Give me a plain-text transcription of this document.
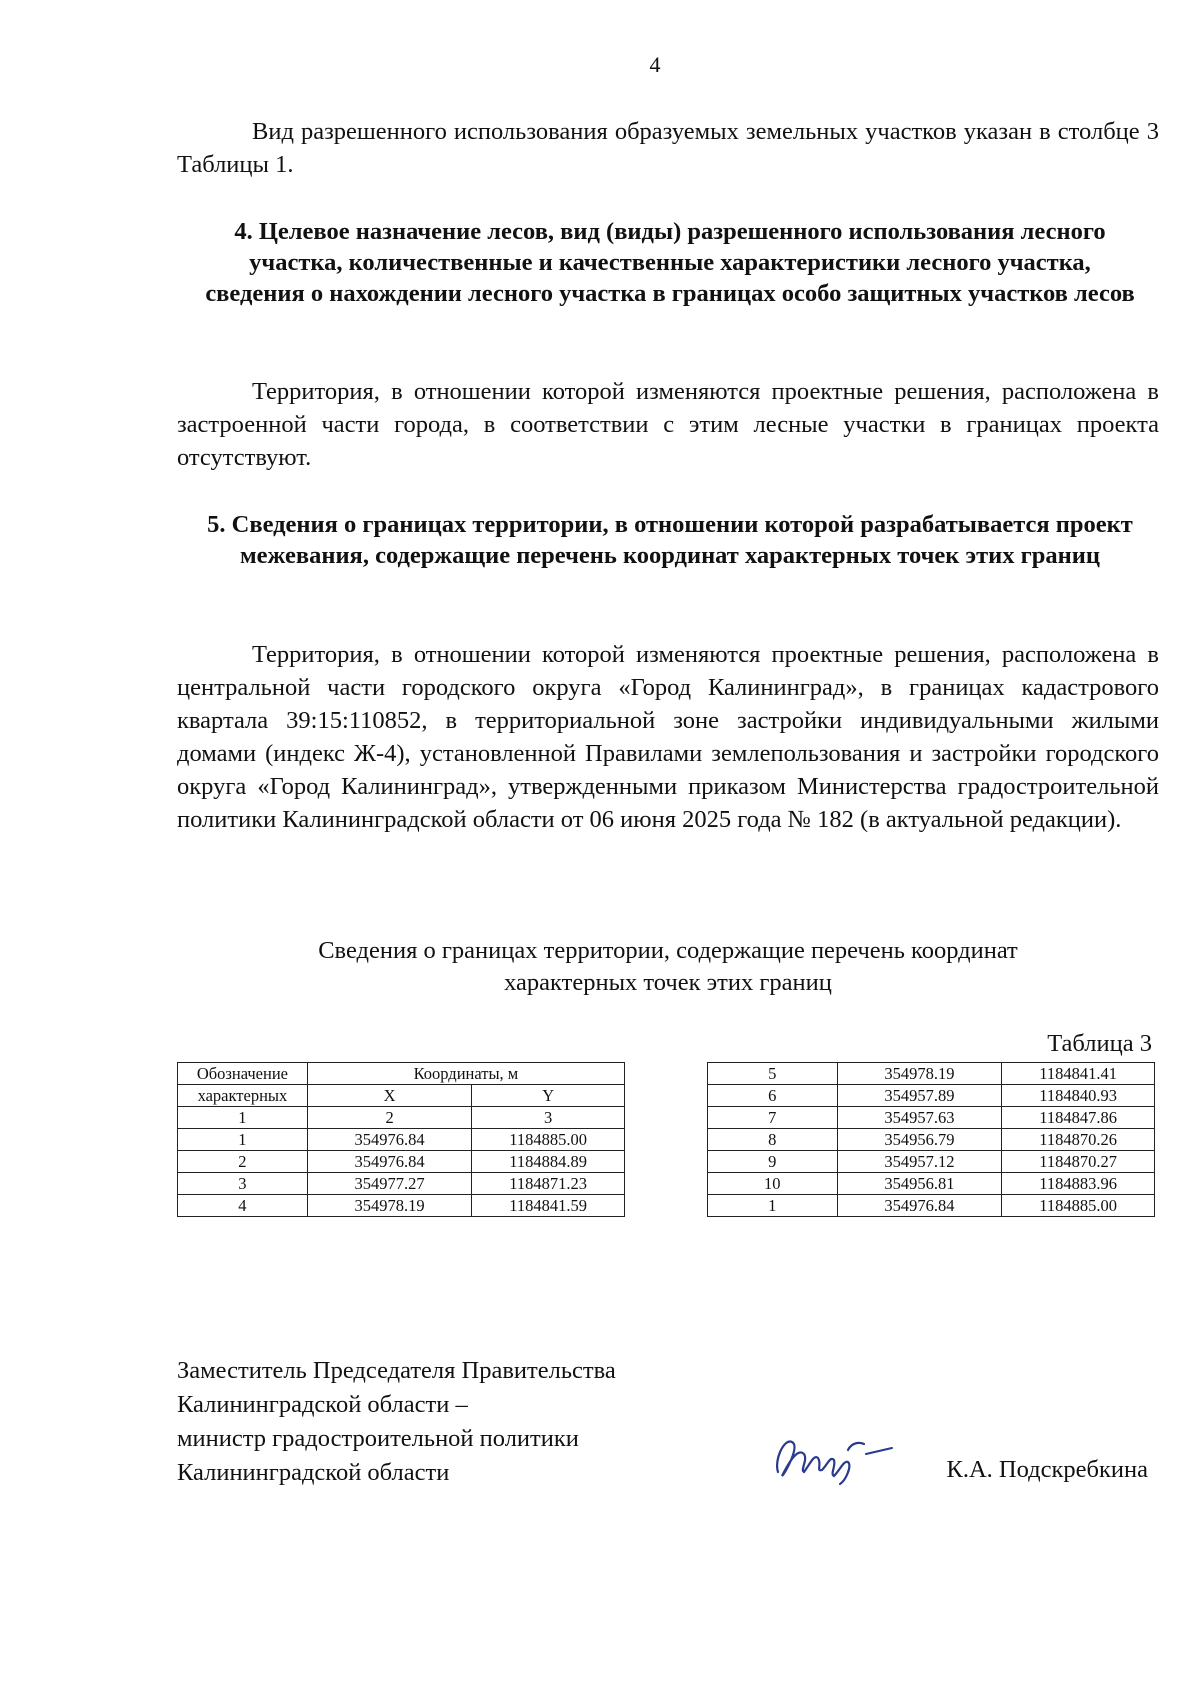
4

Вид разрешенного использования образуемых земельных участков указан в столбце 3 Таблицы 1.

4. Целевое назначение лесов, вид (виды) разрешенного использования лесного участка, количественные и качественные характеристики лесного участка, сведения о нахождении лесного участка в границах особо защитных участков лесов

Территория, в отношении которой изменяются проектные решения, расположена в застроенной части города, в соответствии с этим лесные участки в границах проекта отсутствуют.

5. Сведения о границах территории, в отношении которой разрабатывается проект межевания, содержащие перечень координат характерных точек этих границ

Территория, в отношении которой изменяются проектные решения, расположена в центральной части городского округа «Город Калининград», в границах кадастрового квартала 39:15:110852, в территориальной зоне застройки индивидуальными жилыми домами (индекс Ж-4), установленной Правилами землепользования и застройки городского округа «Город Калининград», утвержденными приказом Министерства градостроительной политики Калининградской области от 06 июня 2025 года № 182 (в актуальной редакции).

Сведения о границах территории, содержащие перечень координат
характерных точек этих границ
Таблица 3
Обозначение	Координаты, м	
характерных	X	Y
1	2	3
1	354976.84	1184885.00
2	354976.84	1184884.89
3	354977.27	1184871.23
4	354978.19	1184841.59
5	354978.19	1184841.41
6	354957.89	1184840.93
7	354957.63	1184847.86
8	354956.79	1184870.26
9	354957.12	1184870.27
10	354956.81	1184883.96
1	354976.84	1184885.00
Заместитель Председателя Правительства
Калининградской области –
министр градостроительной политики
Калининградской области	К.А. Подскребкина
